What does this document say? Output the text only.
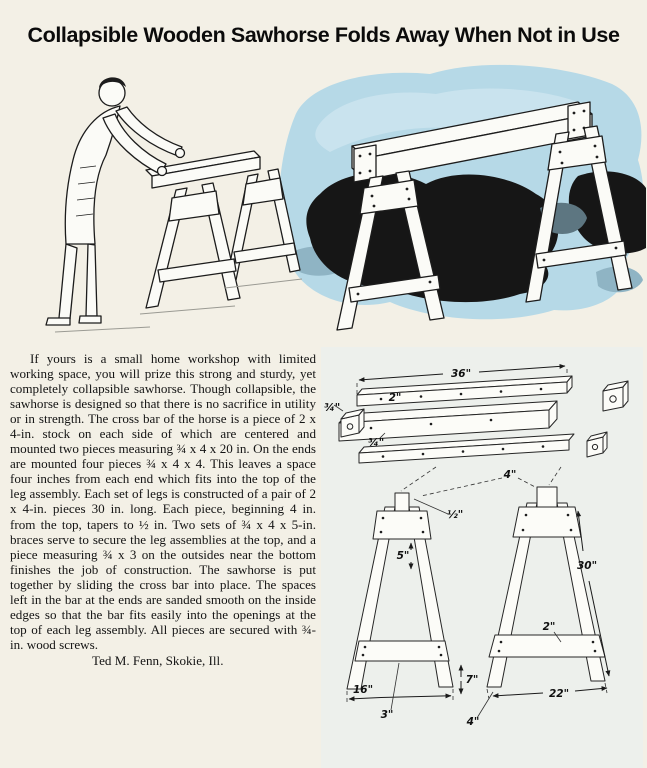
Collapsible Wooden Sawhorse Folds Away When Not in Use

If yours is a small home workshop with limited working space, you will prize this strong and sturdy, yet completely collapsible sawhorse. Though collapsible, the sawhorse is designed so that there is no sacrifice in utility or in strength. The cross bar of the horse is a piece of 2 x 4-in. stock on each side of which are centered and mounted two pieces measuring ¾ x 4 x 20 in. On the ends are mounted four pieces ¾ x 4 x 4. This leaves a space four inches from each end which fits into the top of the leg assembly. Each set of legs is constructed of a pair of 2 x 4-in. pieces 30 in. long. Each piece, beginning 4 in. from the top, tapers to ½ in. Two sets of ¾ x 4 x 5-in. braces serve to secure the leg assemblies at the top, and a piece measuring ¾ x 3 on the outsides near the bottom finishes the job of construction. The sawhorse is put together by sliding the cross bar into place. The spaces left in the bar at the ends are sanded smooth on the inside edges so that the bar fits easily into the openings at the top of each leg assembly. All pieces are secured with ¾-in. wood screws.

Ted M. Fenn, Skokie, Ill.

36"
¾"
2"
¾"
4"
½"
5"
30"
2"
16"
3"
7"
22"
4"
